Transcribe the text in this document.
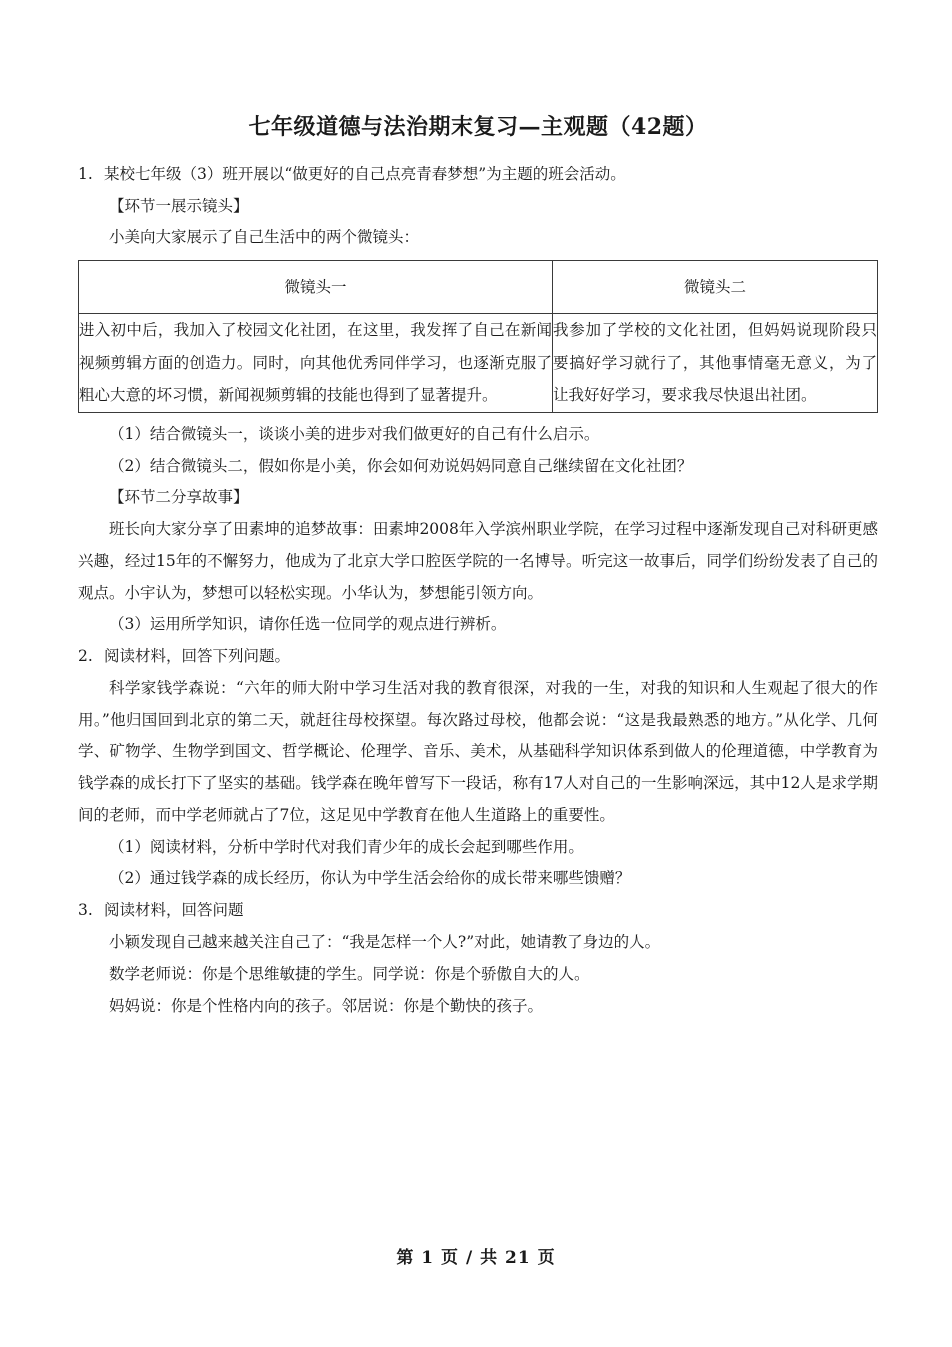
七年级道德与法治期末复习—主观题（42题）
1. 某校七年级（3）班开展以“做更好的自己点亮青春梦想”为主题的班会活动。

【环节一展示镜头】

小美向大家展示了自己生活中的两个微镜头：

微镜头一	微镜头二
进入初中后，我加入了校园文化社团，在这里，我发挥了自己在新闻视频剪辑方面的创造力。同时，向其他优秀同伴学习，也逐渐克服了粗心大意的坏习惯，新闻视频剪辑的技能也得到了显著提升。	我参加了学校的文化社团，但妈妈说现阶段只要搞好学习就行了，其他事情毫无意义，为了让我好好学习，要求我尽快退出社团。

（1）结合微镜头一，谈谈小美的进步对我们做更好的自己有什么启示。

（2）结合微镜头二，假如你是小美，你会如何劝说妈妈同意自己继续留在文化社团？

【环节二分享故事】

班长向大家分享了田素坤的追梦故事：田素坤2008年入学滨州职业学院，在学习过程中逐渐发现自己对科研更感兴趣，经过15年的不懈努力，他成为了北京大学口腔医学院的一名博导。听完这一故事后，同学们纷纷发表了自己的观点。小宇认为，梦想可以轻松实现。小华认为，梦想能引领方向。

（3）运用所学知识，请你任选一位同学的观点进行辨析。

2. 阅读材料，回答下列问题。

科学家钱学森说：“六年的师大附中学习生活对我的教育很深，对我的一生，对我的知识和人生观起了很大的作用。”他归国回到北京的第二天，就赶往母校探望。每次路过母校，他都会说：“这是我最熟悉的地方。”从化学、几何学、矿物学、生物学到国文、哲学概论、伦理学、音乐、美术，从基础科学知识体系到做人的伦理道德，中学教育为钱学森的成长打下了坚实的基础。钱学森在晚年曾写下一段话，称有17人对自己的一生影响深远，其中12人是求学期间的老师，而中学老师就占了7位，这足见中学教育在他人生道路上的重要性。

（1）阅读材料，分析中学时代对我们青少年的成长会起到哪些作用。

（2）通过钱学森的成长经历，你认为中学生活会给你的成长带来哪些馈赠？

3. 阅读材料，回答问题

小颖发现自己越来越关注自己了：“我是怎样一个人?”对此，她请教了身边的人。

数学老师说：你是个思维敏捷的学生。同学说：你是个骄傲自大的人。

妈妈说：你是个性格内向的孩子。邻居说：你是个勤快的孩子。

第 1 页 / 共 21 页
